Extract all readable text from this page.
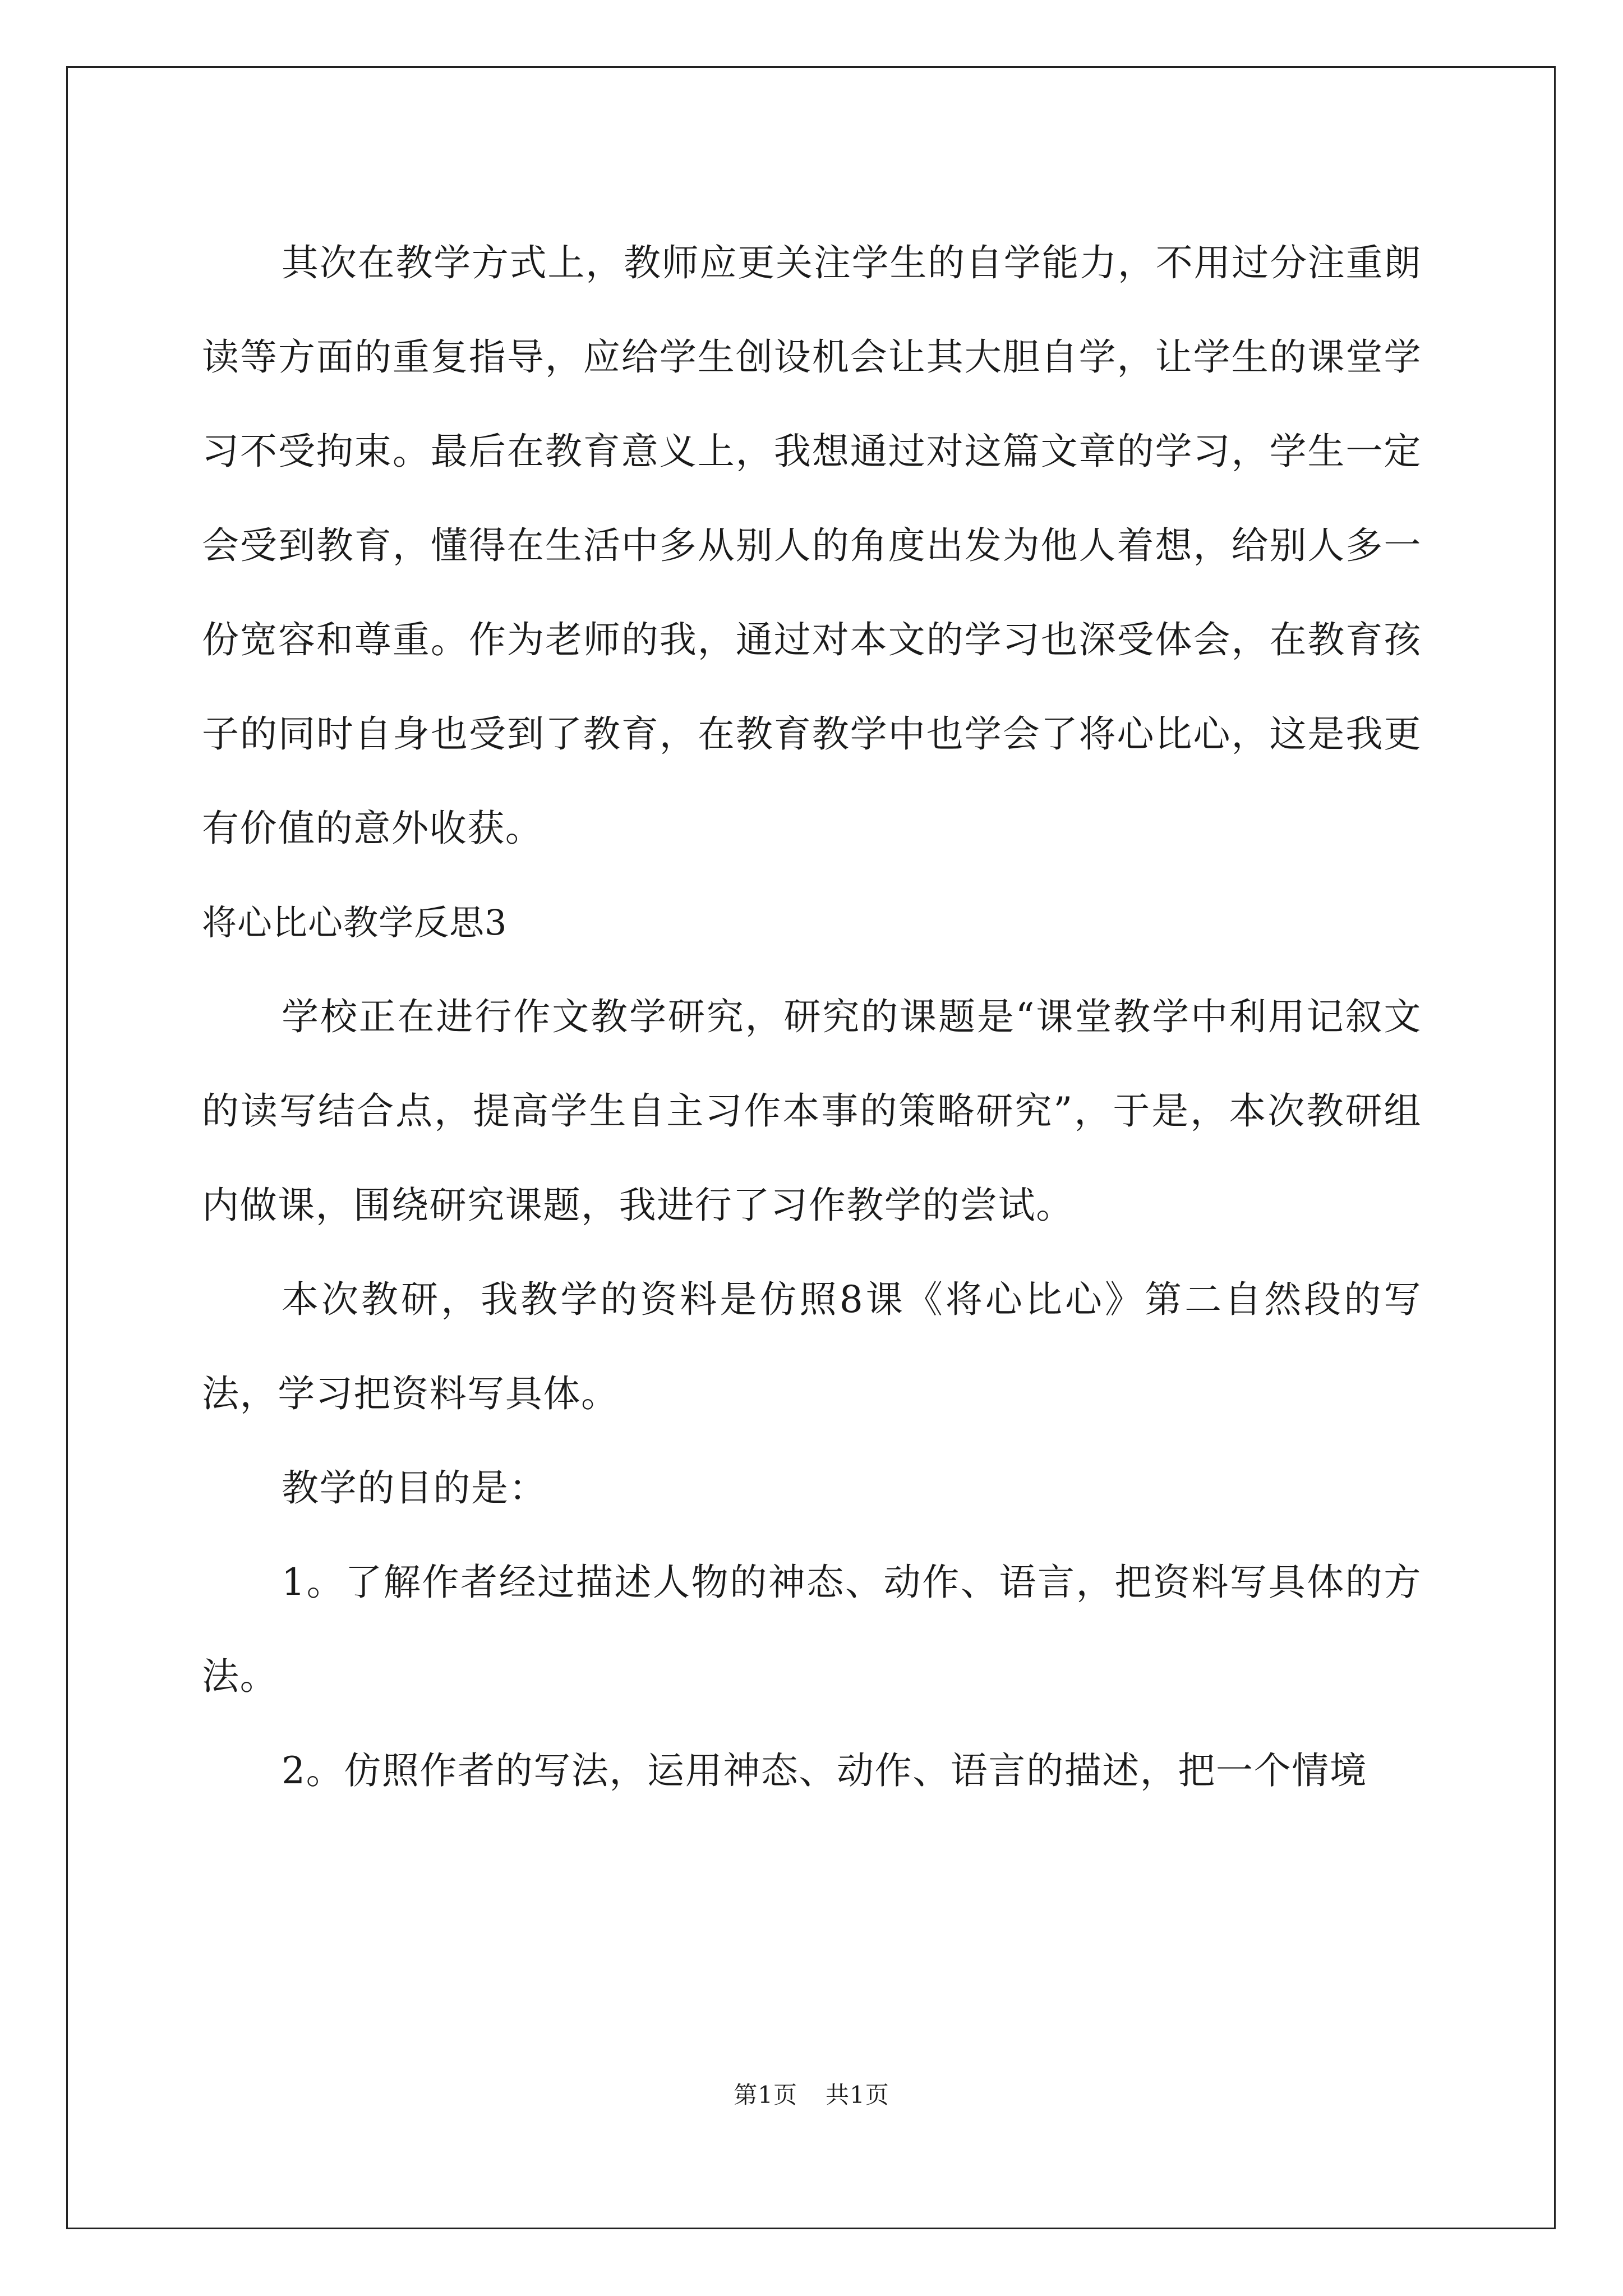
其次在教学方式上，教师应更关注学生的自学能力，不用过分注重朗读等方面的重复指导，应给学生创设机会让其大胆自学，让学生的课堂学习不受拘束。最后在教育意义上，我想通过对这篇文章的学习，学生一定会受到教育，懂得在生活中多从别人的角度出发为他人着想，给别人多一份宽容和尊重。作为老师的我，通过对本文的学习也深受体会，在教育孩子的同时自身也受到了教育，在教育教学中也学会了将心比心，这是我更有价值的意外收获。

将心比心教学反思3

学校正在进行作文教学研究，研究的课题是“课堂教学中利用记叙文的读写结合点，提高学生自主习作本事的策略研究”，于是，本次教研组内做课，围绕研究课题，我进行了习作教学的尝试。

本次教研，我教学的资料是仿照8课《将心比心》第二自然段的写法，学习把资料写具体。

教学的目的是：

1。了解作者经过描述人物的神态、动作、语言，把资料写具体的方法。

2。仿照作者的写法，运用神态、动作、语言的描述，把一个情境

第1页 共1页
